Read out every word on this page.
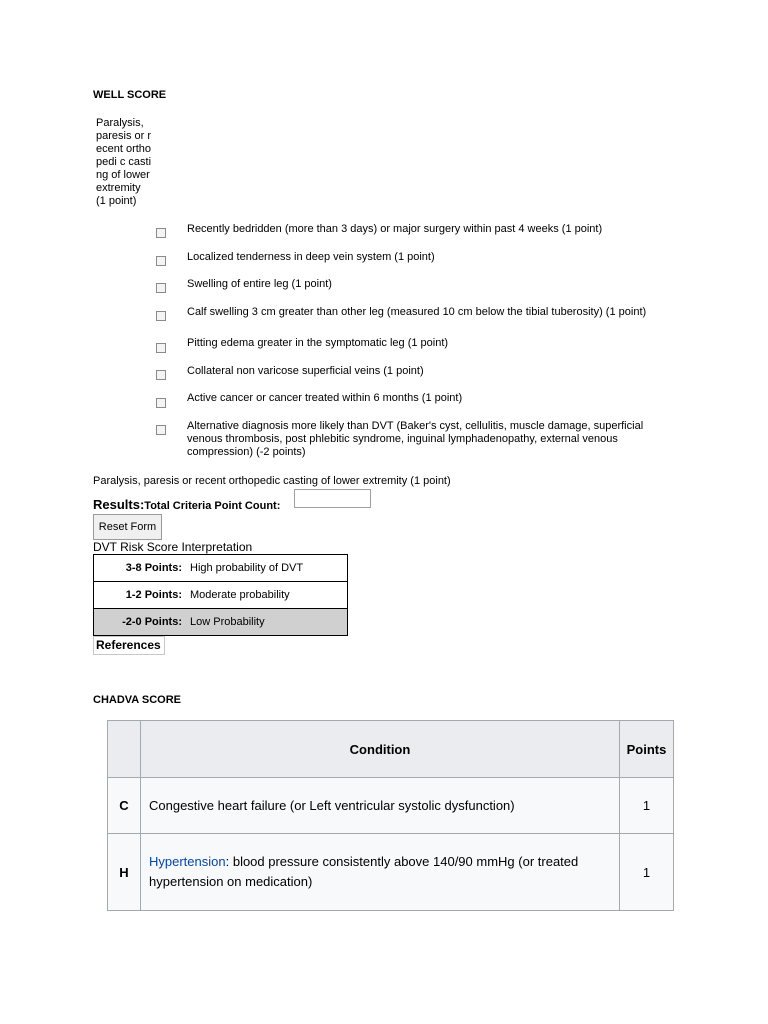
WELL SCORE
Paralysis, paresis or recent orthopedi c casting of lower extremity (1 point)
Recently bedridden (more than 3 days) or major surgery within past 4 weeks (1 point)
Localized tenderness in deep vein system (1 point)
Swelling of entire leg (1 point)
Calf swelling 3 cm greater than other leg (measured 10 cm below the tibial tuberosity) (1 point)
Pitting edema greater in the symptomatic leg (1 point)
Collateral non varicose superficial veins (1 point)
Active cancer or cancer treated within 6 months (1 point)
Alternative diagnosis more likely than DVT (Baker's cyst, cellulitis, muscle damage, superficial venous thrombosis, post phlebitic syndrome, inguinal lymphadenopathy, external venous compression) (-2 points)
Paralysis, paresis or recent orthopedic casting of lower extremity (1 point)
Results:Total Criteria Point Count:
Reset Form
DVT Risk Score Interpretation
3-8 Points:	High probability of DVT
1-2 Points:	Moderate probability
-2-0 Points:	Low Probability
References
CHADVA SCORE
	Condition	Points
C	Congestive heart failure (or Left ventricular systolic dysfunction)	1
H	Hypertension: blood pressure consistently above 140/90 mmHg (or treated hypertension on medication)	1
